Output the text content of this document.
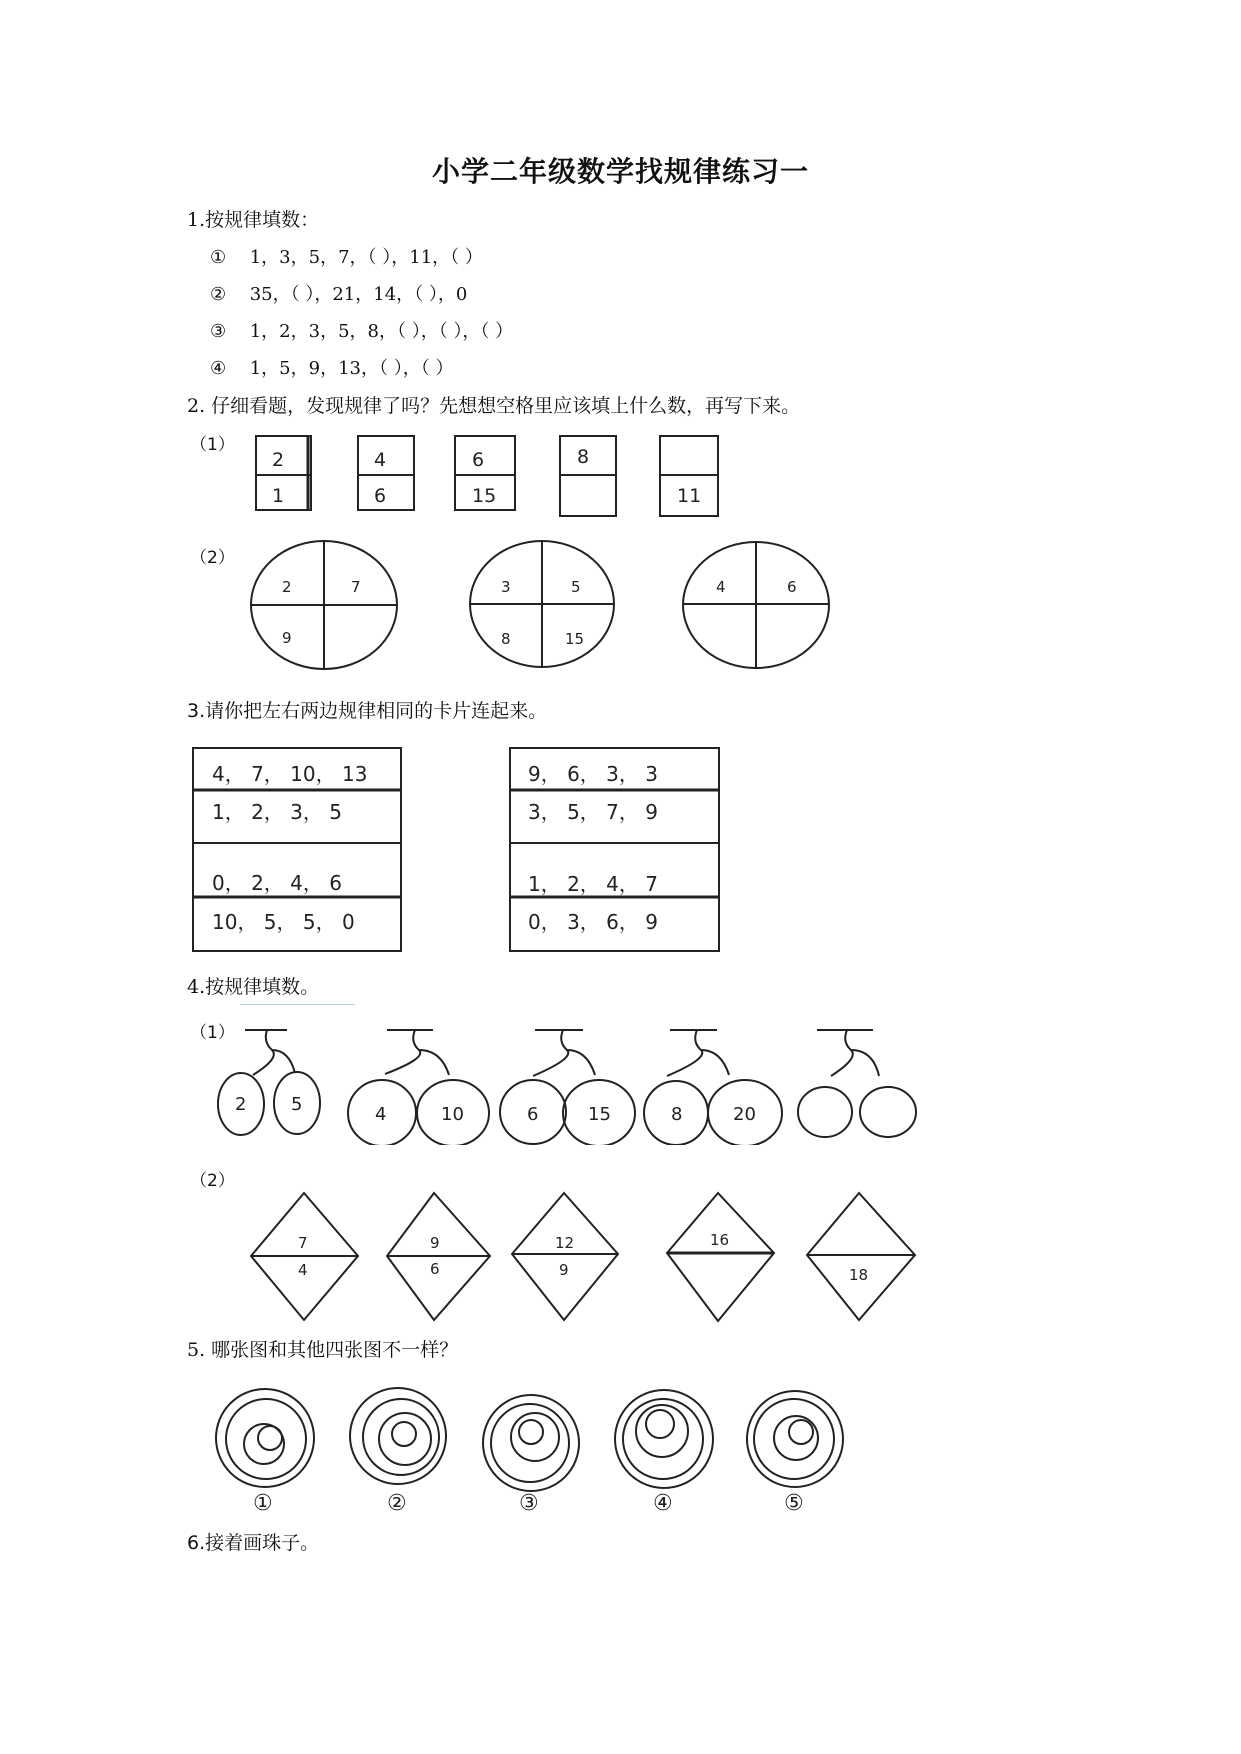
小学二年级数学找规律练习一
1.按规律填数：
① 1，3，5，7，（ ），11，（ ）
② 35，（ ），21，14，（ ），0
③ 1，2，3，5，8，（ ），（ ），（ ）
④ 1，5，9，13，（ ），（ ）
2. 仔细看题，发现规律了吗？先想想空格里应该填上什么数，再写下来。
（1）
2
1
4
6
6
15
8
11
（2）
2	7
9
3	5
8	15
4	6
3.请你把左右两边规律相同的卡片连起来。
4， 7， 10， 13
1， 2， 3， 5
0， 2， 4， 6
10， 5， 5， 0
9， 6， 3， 3
3， 5， 7， 9
1， 2， 4， 7
0， 3， 6， 9
4.按规律填数。
（1）
2 5	4	10	6	15	8	20
（2）
7
4
9
6
12
9
16
18
5. 哪张图和其他四张图不一样？
①	②	③	④	⑤
6.接着画珠子。
